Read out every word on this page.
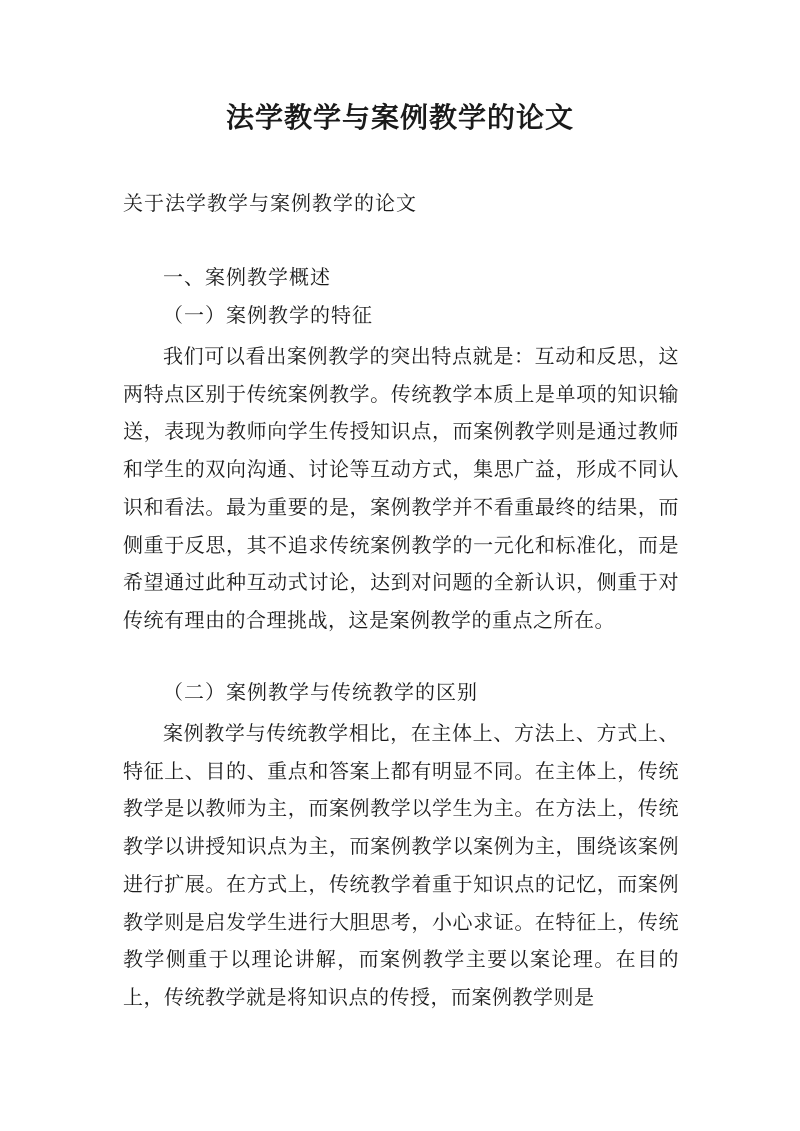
法学教学与案例教学的论文

关于法学教学与案例教学的论文

一、案例教学概述

（一）案例教学的特征

我们可以看出案例教学的突出特点就是：互动和反思，这两特点区别于传统案例教学。传统教学本质上是单项的知识输送，表现为教师向学生传授知识点，而案例教学则是通过教师和学生的双向沟通、讨论等互动方式，集思广益，形成不同认识和看法。最为重要的是，案例教学并不看重最终的结果，而侧重于反思，其不追求传统案例教学的一元化和标准化，而是希望通过此种互动式讨论，达到对问题的全新认识，侧重于对传统有理由的合理挑战，这是案例教学的重点之所在。

（二）案例教学与传统教学的区别

案例教学与传统教学相比，在主体上、方法上、方式上、特征上、目的、重点和答案上都有明显不同。在主体上，传统教学是以教师为主，而案例教学以学生为主。在方法上，传统教学以讲授知识点为主，而案例教学以案例为主，围绕该案例进行扩展。在方式上，传统教学着重于知识点的记忆，而案例教学则是启发学生进行大胆思考，小心求证。在特征上，传统教学侧重于以理论讲解，而案例教学主要以案论理。在目的上，传统教学就是将知识点的传授，而案例教学则是
